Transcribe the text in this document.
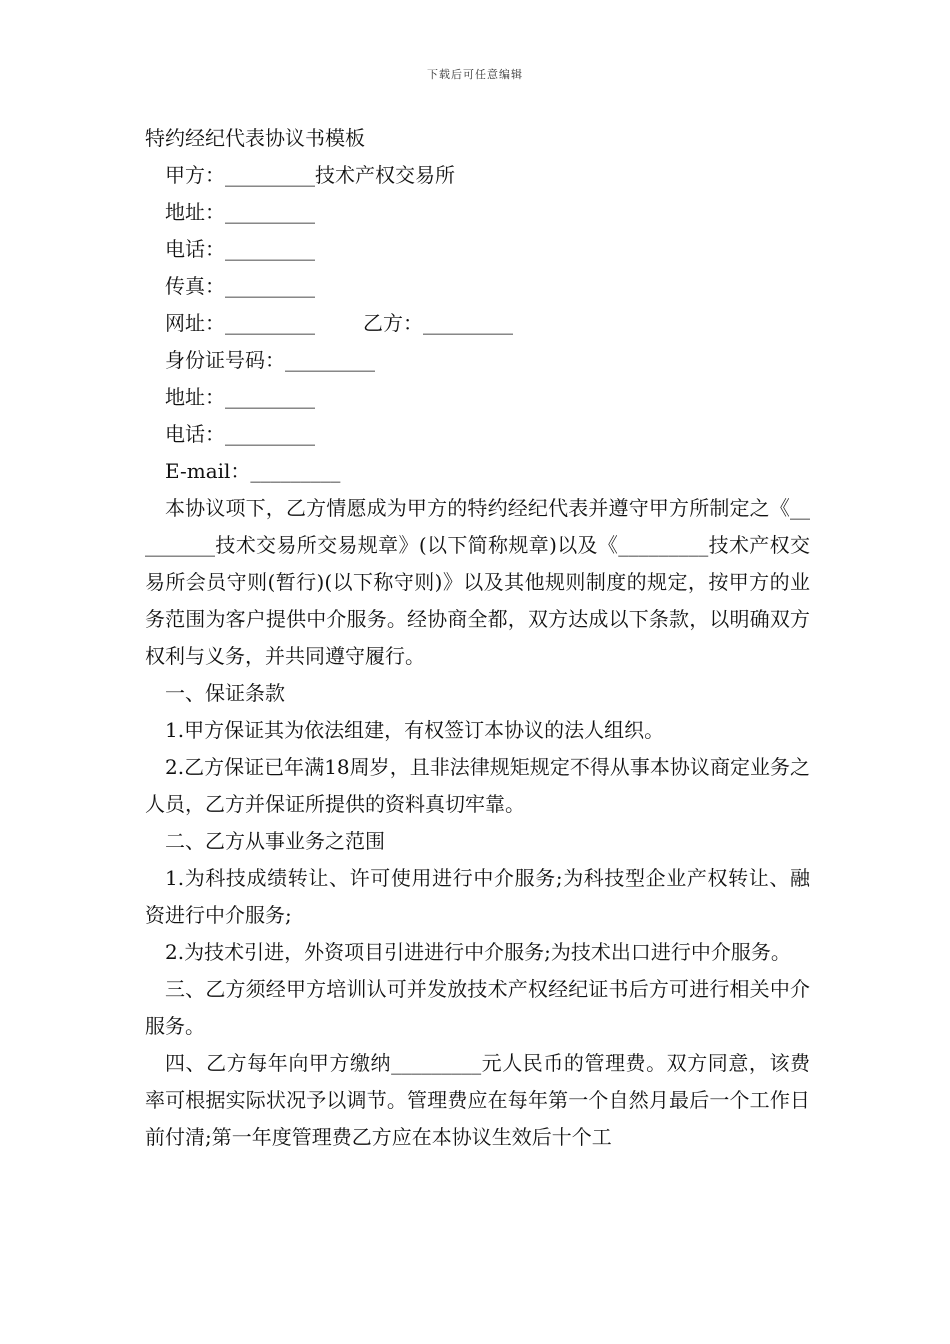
下载后可任意编辑
特约经纪代表协议书模板
甲方：_________技术产权交易所
地址：_________
电话：_________
传真：_________
网址：_________ 乙方：_________
身份证号码：_________
地址：_________
电话：_________
E-mail：_________
本协议项下，乙方情愿成为甲方的特约经纪代表并遵守甲方所制定之《_________技术交易所交易规章》(以下简称规章)以及《_________技术产权交易所会员守则(暂行)(以下称守则)》以及其他规则制度的规定，按甲方的业务范围为客户提供中介服务。经协商全都，双方达成以下条款，以明确双方权利与义务，并共同遵守履行。
一、保证条款
1.甲方保证其为依法组建，有权签订本协议的法人组织。
2.乙方保证已年满18周岁，且非法律规矩规定不得从事本协议商定业务之人员，乙方并保证所提供的资料真切牢靠。
二、乙方从事业务之范围
1.为科技成绩转让、许可使用进行中介服务;为科技型企业产权转让、融资进行中介服务;
2.为技术引进，外资项目引进进行中介服务;为技术出口进行中介服务。
三、乙方须经甲方培训认可并发放技术产权经纪证书后方可进行相关中介服务。
四、乙方每年向甲方缴纳_________元人民币的管理费。双方同意，该费率可根据实际状况予以调节。管理费应在每年第一个自然月最后一个工作日前付清;第一年度管理费乙方应在本协议生效后十个工
